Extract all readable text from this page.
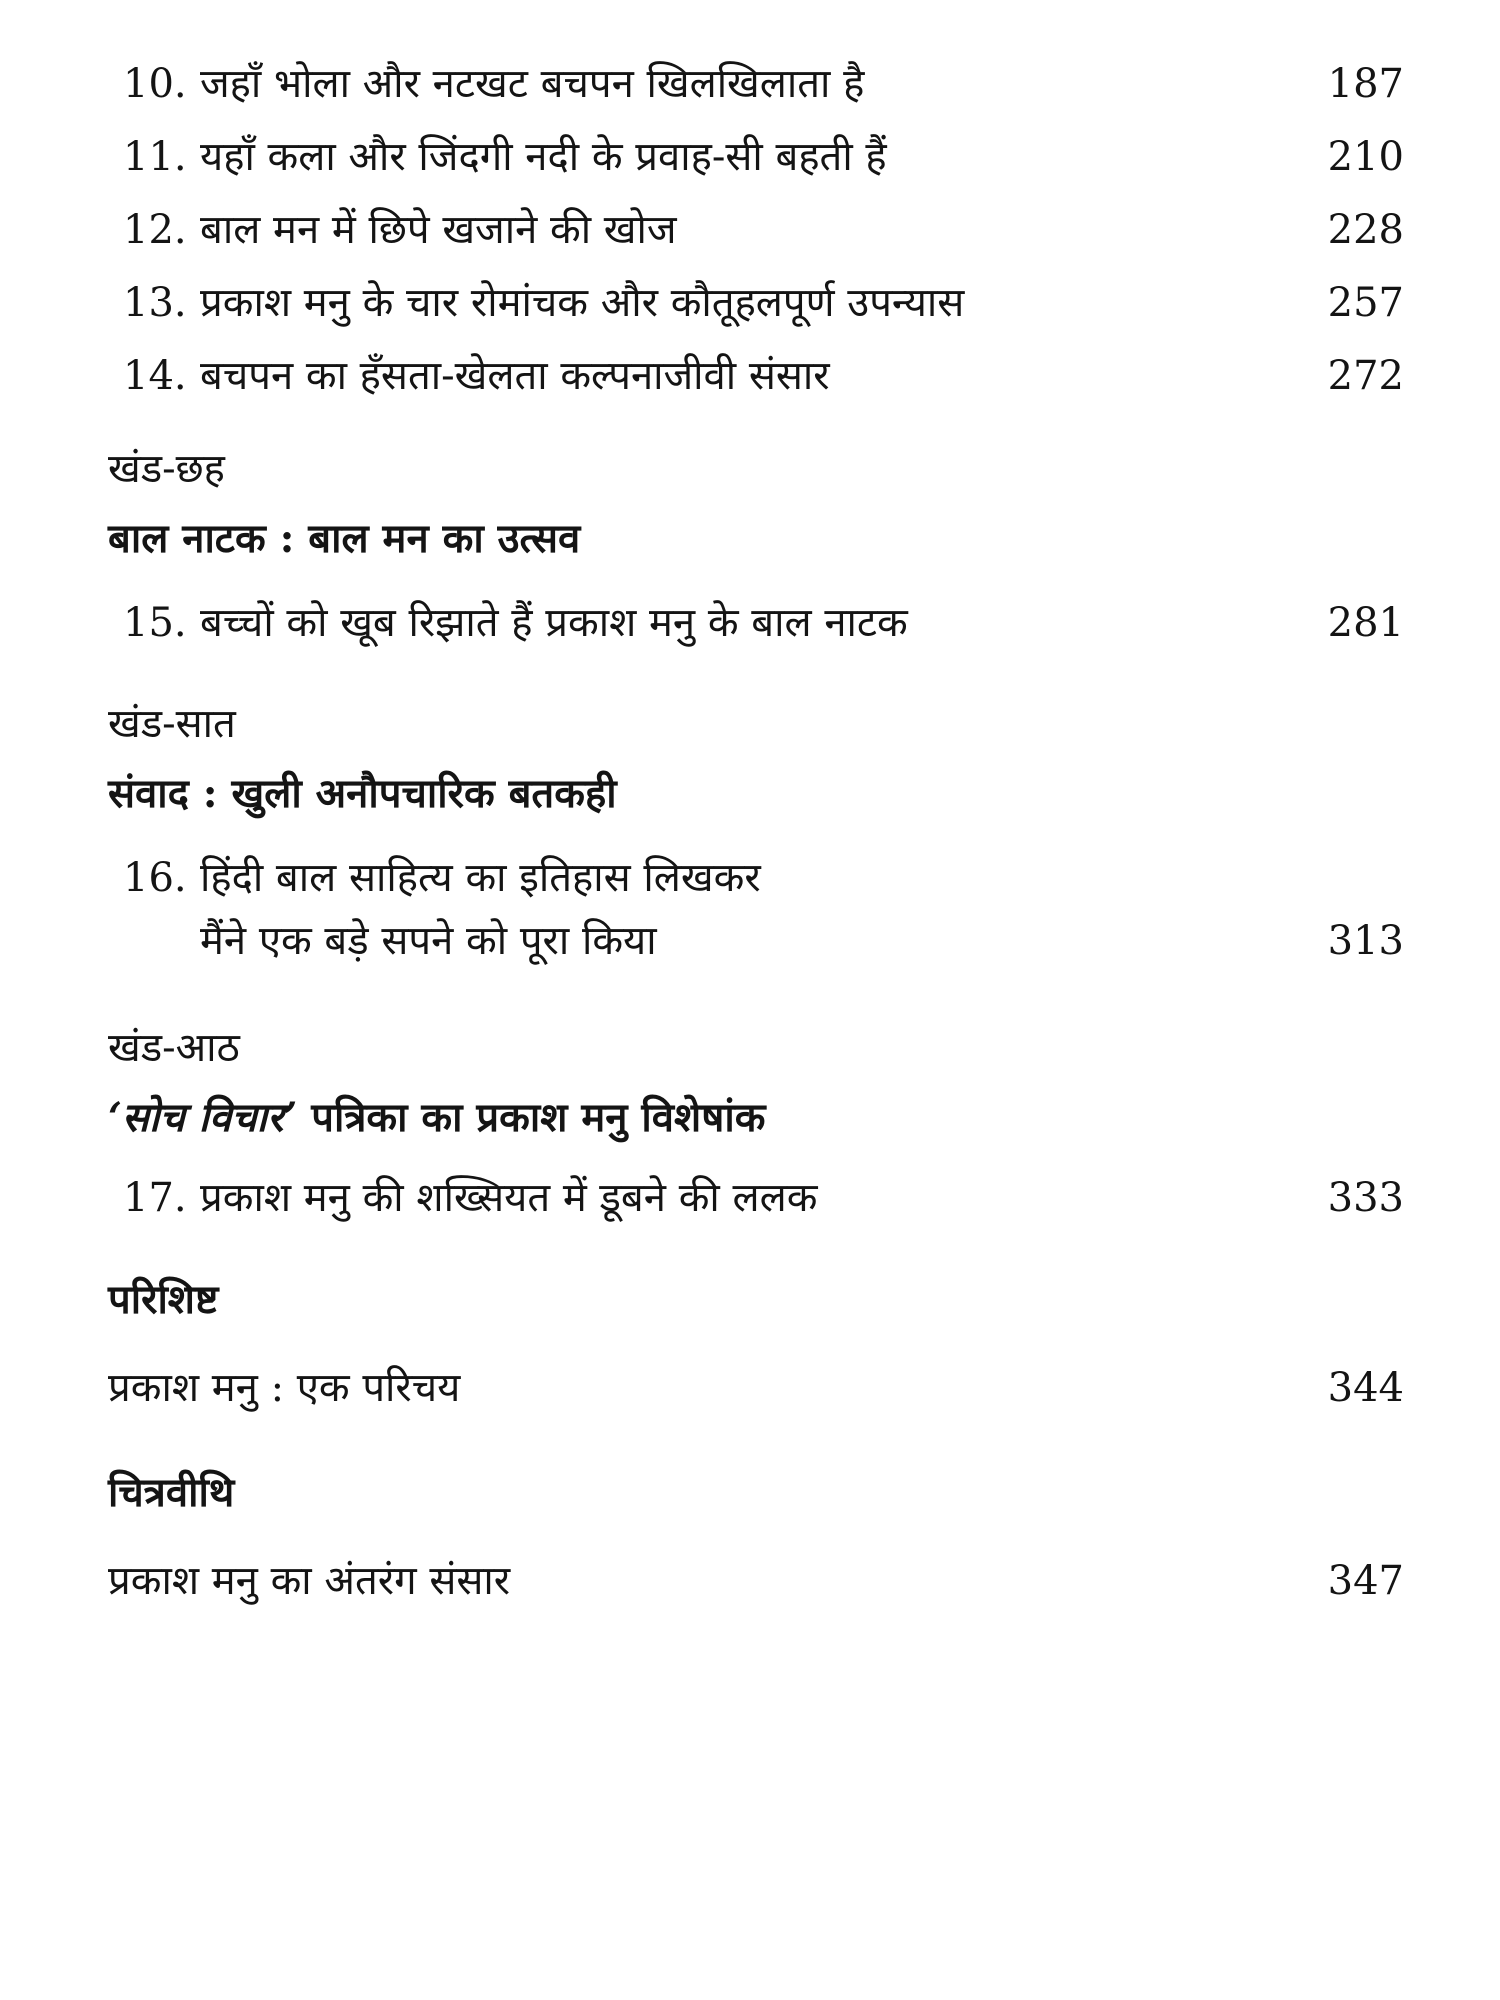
10. जहाँ भोला और नटखट बचपन खिलखिलाता है	187
11. यहाँ कला और जिंदगी नदी के प्रवाह-सी बहती हैं	210
12. बाल मन में छिपे खजाने की खोज	228
13. प्रकाश मनु के चार रोमांचक और कौतूहलपूर्ण उपन्यास	257
14. बचपन का हँसता-खेलता कल्पनाजीवी संसार	272
खंड-छह
बाल नाटक : बाल मन का उत्सव
15. बच्चों को खूब रिझाते हैं प्रकाश मनु के बाल नाटक	281
खंड-सात
संवाद : खुली अनौपचारिक बतकही
16. हिंदी बाल साहित्य का इतिहास लिखकर
मैंने एक बड़े सपने को पूरा किया	313
खंड-आठ
‘सोच विचार’ पत्रिका का प्रकाश मनु विशेषांक
17. प्रकाश मनु की शख्सियत में डूबने की ललक	333
परिशिष्ट
प्रकाश मनु : एक परिचय	344
चित्रवीथि
प्रकाश मनु का अंतरंग संसार	347
